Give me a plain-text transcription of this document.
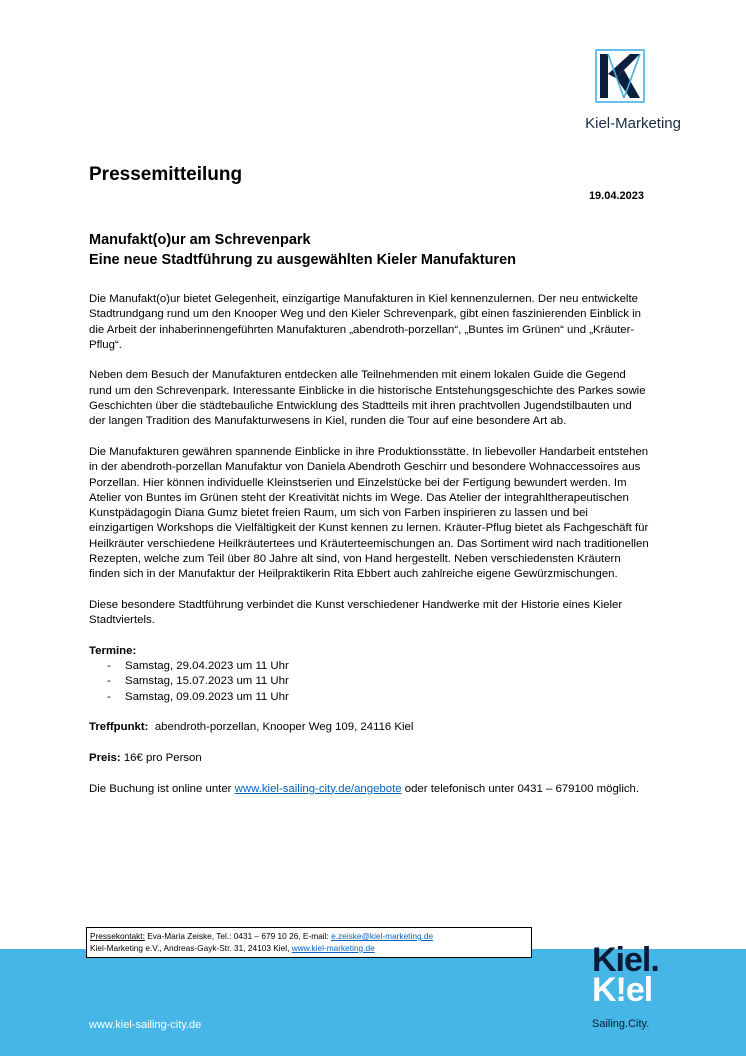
Kiel-Marketing
Pressemitteilung
19.04.2023
Manufakt(o)ur am Schrevenpark
Eine neue Stadtführung zu ausgewählten Kieler Manufakturen

Die Manufakt(o)ur bietet Gelegenheit, einzigartige Manufakturen in Kiel kennenzulernen. Der neu entwickelte Stadtrundgang rund um den Knooper Weg und den Kieler Schrevenpark, gibt einen faszinierenden Einblick in die Arbeit der inhaberinnengeführten Manufakturen „abendroth-porzellan“, „Buntes im Grünen“ und „Kräuter-Pflug“.

Neben dem Besuch der Manufakturen entdecken alle Teilnehmenden mit einem lokalen Guide die Gegend rund um den Schrevenpark. Interessante Einblicke in die historische Entstehungsgeschichte des Parkes sowie Geschichten über die städtebauliche Entwicklung des Stadtteils mit ihren prachtvollen Jugendstilbauten und der langen Tradition des Manufakturwesens in Kiel, runden die Tour auf eine besondere Art ab.

Die Manufakturen gewähren spannende Einblicke in ihre Produktionsstätte. In liebevoller Handarbeit entstehen in der abendroth-porzellan Manufaktur von Daniela Abendroth Geschirr und besondere Wohnaccessoires aus Porzellan. Hier können individuelle Kleinstserien und Einzelstücke bei der Fertigung bewundert werden. Im Atelier von Buntes im Grünen steht der Kreativität nichts im Wege. Das Atelier der integrahltherapeutischen Kunstpädagogin Diana Gumz bietet freien Raum, um sich von Farben inspirieren zu lassen und bei einzigartigen Workshops die Vielfältigkeit der Kunst kennen zu lernen. Kräuter-Pflug bietet als Fachgeschäft für Heilkräuter verschiedene Heilkräutertees und Kräuterteemischungen an. Das Sortiment wird nach traditionellen Rezepten, welche zum Teil über 80 Jahre alt sind, von Hand hergestellt. Neben verschiedensten Kräutern finden sich in der Manufaktur der Heilpraktikerin Rita Ebbert auch zahlreiche eigene Gewürzmischungen.

Diese besondere Stadtführung verbindet die Kunst verschiedener Handwerke mit der Historie eines Kieler Stadtviertels.

Termine:
- Samstag, 29.04.2023 um 11 Uhr
- Samstag, 15.07.2023 um 11 Uhr
- Samstag, 09.09.2023 um 11 Uhr

Treffpunkt: abendroth-porzellan, Knooper Weg 109, 24116 Kiel

Preis: 16€ pro Person

Die Buchung ist online unter www.kiel-sailing-city.de/angebote oder telefonisch unter 0431 – 679100 möglich.

www.kiel-sailing-city.de
Pressekontakt: Eva-Maria Zeiske, Tel.: 0431 – 679 10 26, E-mail: e.zeiske@kiel-marketing.de
Kiel-Marketing e.V., Andreas-Gayk-Str. 31, 24103 Kiel, www.kiel-marketing.de	Kiel.
K!el
Sailing.City.
